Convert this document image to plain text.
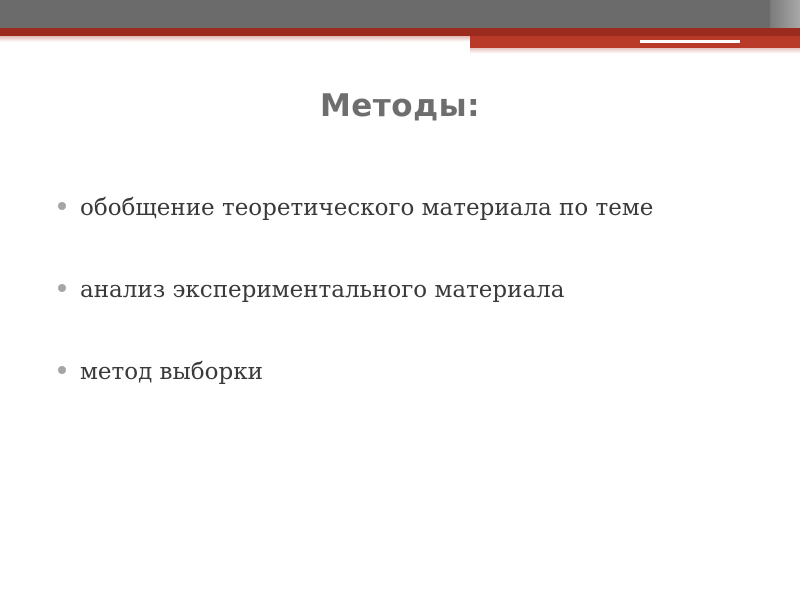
Методы:
обобщение теоретического материала по теме
анализ экспериментального материала
метод выборки
